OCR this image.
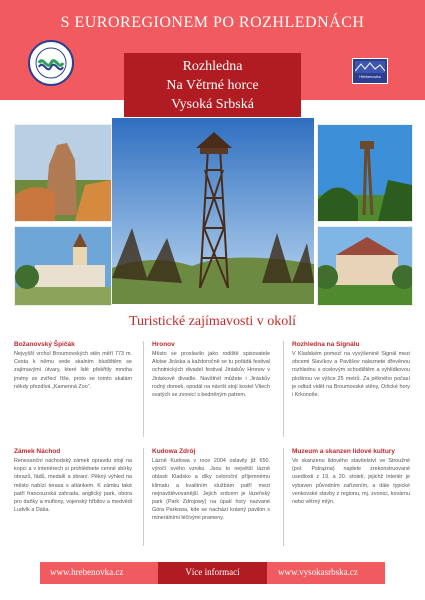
S EUROREGIONEM PO ROZHLEDNÁCH
Hřebenovka
Rozhledna
Na Větrné horce
Vysoká Srbská
Turistické zajímavosti v okolí
Božanovský Špičák
Nejvyšší vrchol Broumovských stěn měří 773 m. Cesta k němu vede skalním bludištěm se zajímavými útvary, které lidé překřtily mnoha jmény ze zvířecí říše, proto se tomto skalám někdy přezdívá „Kamenná Zoo“.
Hronov
Město se proslavilo jako rodiště spisovatele Aloise Jiráska a každoročně se tu pořádá festival ochotnických divadel festival Jiráskův Hronov v Jiráskově divadle. Navštívit můžete i Jiráskův rodný domek, opodál na návrší stojí kostel Všech svatých se zvonicí s bedněným patrem.
Rozhledna na Signálu
V Kladském pomezí na vyvýšenině Signál mezi obcemi Slavíkov a Pavlišov naleznete dřevěnou rozhlednu s ocelovým schodištěm a vyhlídkovou plošinou ve výšce 25 metrů. Za pěkného počasí je odtud vidět na Broumovské stěny, Orlické hory i Krkonoše.
Zámek Náchod
Renesanční náchodský zámek opravdu stojí na kopci a v interiérech si prohlédnete cenné sbírky obrazů, fádů, medailí a zbraní. Pěkný výhled na město nabízí terasa s altánkem. K zámku také patří francouzská zahrada, anglický park, obora pro daňky a muflony, vojenský hřbitov a medvědi Ludvík a Dáša.
Kudowa Zdrój
Lázně Kudowa v roce 2004 oslavily již 650. výročí svého vzniku. Jsou to největší lázně oblasti Kladsko a díky celoroční příjemnému klimatu a kvalitním službám patří mezi nejnavštěvovanější. Jejich srdcem je lázeňský park (Park Zdrojowy) na úpatí hory nazvané Góra Parkowa, kde se nachází krásný pavilon s minerálními léčivými prameny.
Muzeum a skanzen lidové kultury
Ve skanzenu lidového stavitelství ve Stroužné (pol. Pstrążna) najdete zrekonstruované usedlosti z 19. a 20. století, jejichž interiér je vybaven původním zařízením, a dále typické venkovské stavby z regionu, mj. zvonici, kovárnu nebo větrný mlýn.
www.hrebenovka.cz	Více informací	www.vysokasrbska.cz
